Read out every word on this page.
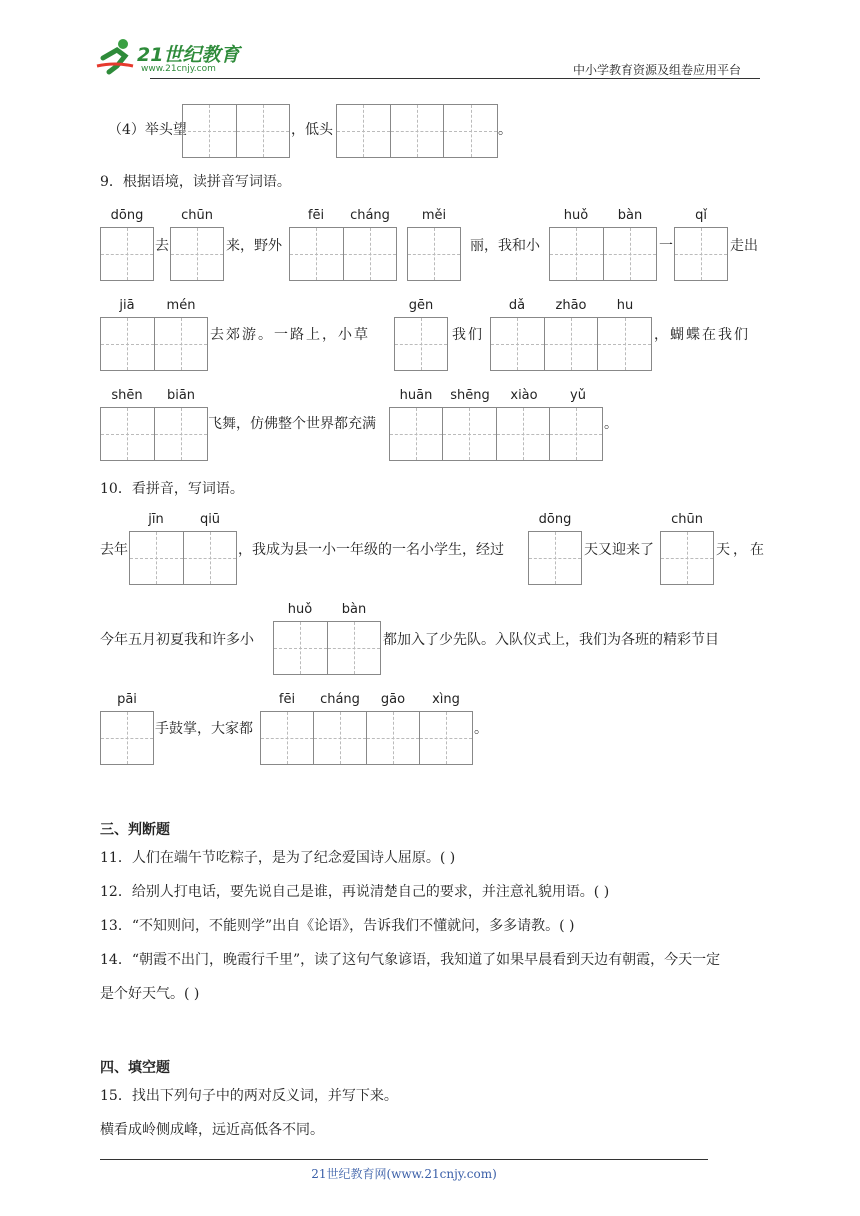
21世纪教育
www.21cnjy.com	中小学教育资源及组卷应用平台
（4）举头望	，低头	。
9．根据语境，读拼音写词语。
dōng
去
chūn
来，野外
fēi	cháng	měi
丽，我和小
huǒ	bàn
一
qǐ
走出
jiā	mén
去郊游。一路上，小草
gēn
我们
dǎ	zhāo	hu
，蝴蝶在我们
shēn	biān
飞舞，仿佛整个世界都充满
huān	shēng	xiào	yǔ
。
10．看拼音，写词语。
去年
jīn	qiū
，我成为县一小一年级的一名小学生，经过
dōng
天又迎来了
chūn
天，在
今年五月初夏我和许多小
huǒ	bàn
都加入了少先队。入队仪式上，我们为各班的精彩节目
pāi
手鼓掌，大家都
fēi	cháng	gāo	xìng
。
三、判断题
11．人们在端午节吃粽子，是为了纪念爱国诗人屈原。( )
12．给别人打电话，要先说自己是谁，再说清楚自己的要求，并注意礼貌用语。( )
13．“不知则问，不能则学”出自《论语》，告诉我们不懂就问，多多请教。( )
14．“朝霞不出门，晚霞行千里”，读了这句气象谚语，我知道了如果早晨看到天边有朝霞，今天一定
是个好天气。( )
四、填空题
15．找出下列句子中的两对反义词，并写下来。
横看成岭侧成峰，远近高低各不同。
21世纪教育网(www.21cnjy.com)
